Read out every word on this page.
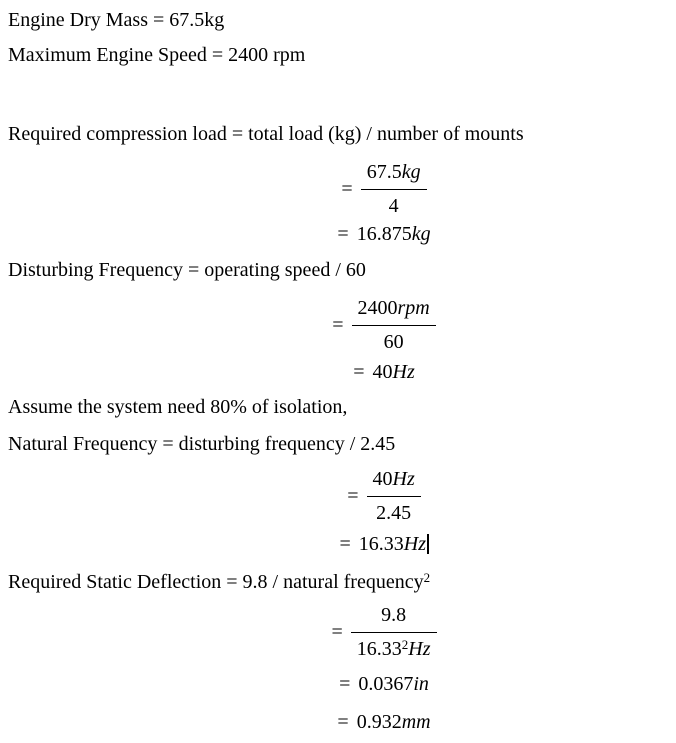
Engine Dry Mass = 67.5kg

Maximum Engine Speed = 2400 rpm

Required compression load = total load (kg) / number of mounts

= $\frac{67.5kg}{4}$
= 16.875kg

Disturbing Frequency = operating speed / 60

= $\frac{\text{2400rpm}}{60}$
= 40Hz

Assume the system need 80% of isolation,

Natural Frequency = disturbing frequency / 2.45

= $\frac{40Hz}{2.45}$
= 16.33Hz

Required Static Deflection = 9.8 / natural frequency$^2$

= $\frac{9.8}{16.33^2Hz}$
= 0.0367in
= 0.932mm
